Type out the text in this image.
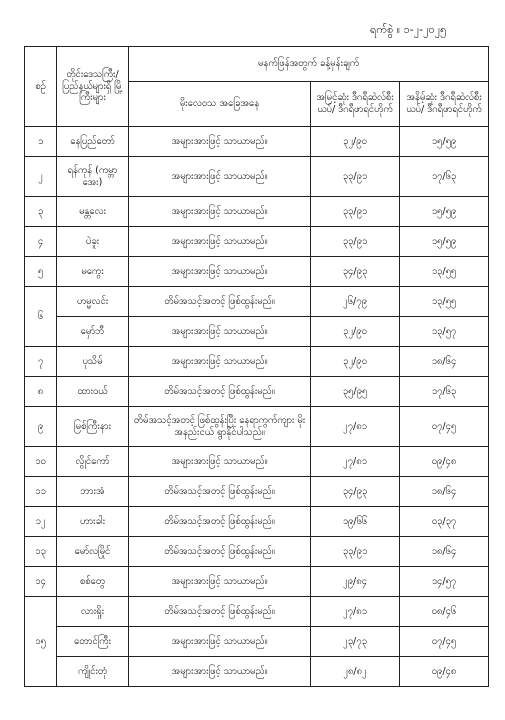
ရက်စွဲ ။ ၁-၂-၂၀၂၅
စဉ်	တိုင်းဒေသကြီး/ ပြည်နယ်များရှိ မြို့ကြီးများ	မနက်ဖြန်အတွက် ခန့်မှန်းချက်		
		မိုးလေဝသ အခြေအနေ	အမြင့်ဆုံး ဒီဂရီဆဲလ်စီးယပ်/ ဒီဂရီဖာရင်ဟိုက်	အနိမ့်ဆုံး ဒီဂရီဆဲလ်စီးယပ်/ ဒီဂရီဖာရင်ဟိုက်
၁	နေပြည်တော်	အများအားဖြင့် သာယာမည်။	၃၂/၉၀	၁၅/၅၉
၂	ရန်ကုန် (ကမ္ဘာအေး)	အများအားဖြင့် သာယာမည်။	၃၃/၉၁	၁၇/၆၃
၃	မန္တလေး	အများအားဖြင့် သာယာမည်။	၃၃/၉၁	၁၅/၅၉
၄	ပဲခူး	အများအားဖြင့် သာယာမည်။	၃၃/၉၁	၁၅/၅၉
၅	မကွေး	အများအားဖြင့် သာယာမည်။	၃၄/၉၃	၁၃/၅၅
၆	ဟမ္မလင်း	တိမ်အသင့်အတင့် ဖြစ်ထွန်းမည်။	၂၆/၇၉	၁၃/၅၅
	မှော်ဘီ	အများအားဖြင့် သာယာမည်။	၃၂/၉၀	၁၃/၅၇
၇	ပုသိမ်	အများအားဖြင့် သာယာမည်။	၃၂/၉၀	၁၈/၆၄
၈	ထားဝယ်	တိမ်အသင့်အတင့် ဖြစ်ထွန်းမည်။	၃၅/၉၅	၁၇/၆၃
၉	မြစ်ကြီးနား	တိမ်အသင့်အတင့် ဖြစ်ထွန်းပြီး နေရာကွက်ကျား မိုးအနည်းငယ် ရွာနိုင်ပါသည်။	၂၇/၈၁	၀၇/၄၅
၁၀	လွိုင်ကော်	အများအားဖြင့် သာယာမည်။	၂၇/၈၁	၀၉/၄၈
၁၁	ဘားအံ	တိမ်အသင့်အတင့် ဖြစ်ထွန်းမည်။	၃၄/၉၃	၁၈/၆၄
၁၂	ဟားခါး	တိမ်အသင့်အတင့် ဖြစ်ထွန်းမည်။	၁၉/၆၆	၀၃/၃၇
၁၃	မော်လမြိုင်	တိမ်အသင့်အတင့် ဖြစ်ထွန်းမည်။	၃၃/၉၁	၁၈/၆၄
၁၄	စစ်တွေ	အများအားဖြင့် သာယာမည်။	၂၉/၈၄	၁၄/၅၇
၁၅	လားရှိုး	တိမ်အသင့်အတင့် ဖြစ်ထွန်းမည်။	၂၇/၈၁	၀၈/၄၆
	တောင်ကြီး	အများအားဖြင့် သာယာမည်။	၂၃/၇၃	၀၇/၄၅
	ကျိုင်းတုံ	အများအားဖြင့် သာယာမည်။	၂၈/၈၂	၀၉/၄၈
